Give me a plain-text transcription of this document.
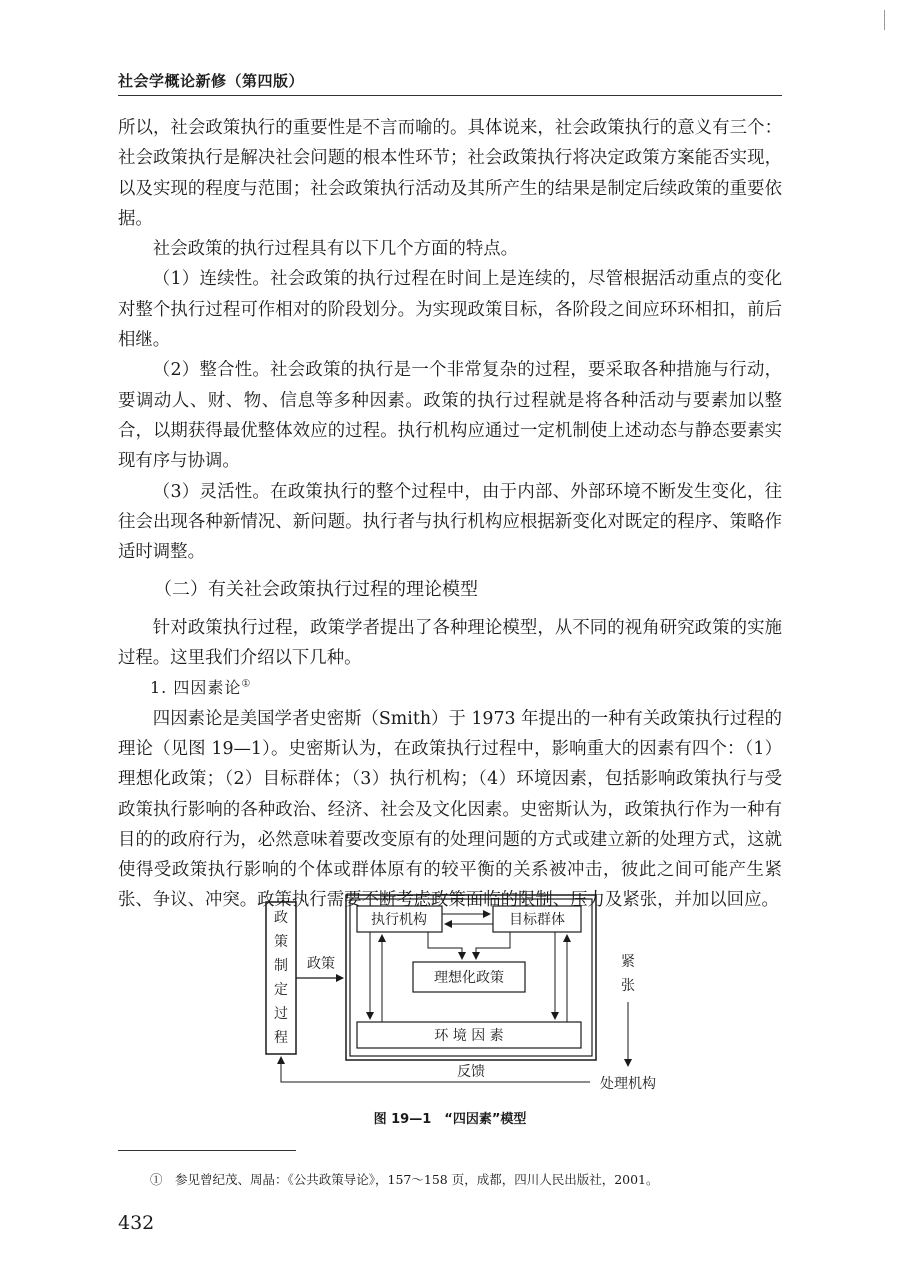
社会学概论新修（第四版）

所以，社会政策执行的重要性是不言而喻的。具体说来，社会政策执行的意义有三个：社会政策执行是解决社会问题的根本性环节；社会政策执行将决定政策方案能否实现，以及实现的程度与范围；社会政策执行活动及其所产生的结果是制定后续政策的重要依据。

社会政策的执行过程具有以下几个方面的特点。

（1）连续性。社会政策的执行过程在时间上是连续的，尽管根据活动重点的变化对整个执行过程可作相对的阶段划分。为实现政策目标，各阶段之间应环环相扣，前后相继。

（2）整合性。社会政策的执行是一个非常复杂的过程，要采取各种措施与行动，要调动人、财、物、信息等多种因素。政策的执行过程就是将各种活动与要素加以整合，以期获得最优整体效应的过程。执行机构应通过一定机制使上述动态与静态要素实现有序与协调。

（3）灵活性。在政策执行的整个过程中，由于内部、外部环境不断发生变化，往往会出现各种新情况、新问题。执行者与执行机构应根据新变化对既定的程序、策略作适时调整。

（二）有关社会政策执行过程的理论模型

针对政策执行过程，政策学者提出了各种理论模型，从不同的视角研究政策的实施过程。这里我们介绍以下几种。

1. 四因素论①

四因素论是美国学者史密斯（Smith）于 1973 年提出的一种有关政策执行过程的理论（见图 19—1）。史密斯认为，在政策执行过程中，影响重大的因素有四个：（1）理想化政策；（2）目标群体；（3）执行机构；（4）环境因素，包括影响政策执行与受政策执行影响的各种政治、经济、社会及文化因素。史密斯认为，政策执行作为一种有目的的政府行为，必然意味着要改变原有的处理问题的方式或建立新的处理方式，这就使得受政策执行影响的个体或群体原有的较平衡的关系被冲击，彼此之间可能产生紧张、争议、冲突。政策执行需要不断考虑政策面临的限制、压力及紧张，并加以回应。

政
策
制
定
过
程
政策
执行机构	目标群体
理想化政策
环 境 因 素
紧
张
反馈
处理机构
图 19—1　“四因素”模型
①　参见曾纪茂、周晶：《公共政策导论》，157～158 页，成都，四川人民出版社，2001。
432
